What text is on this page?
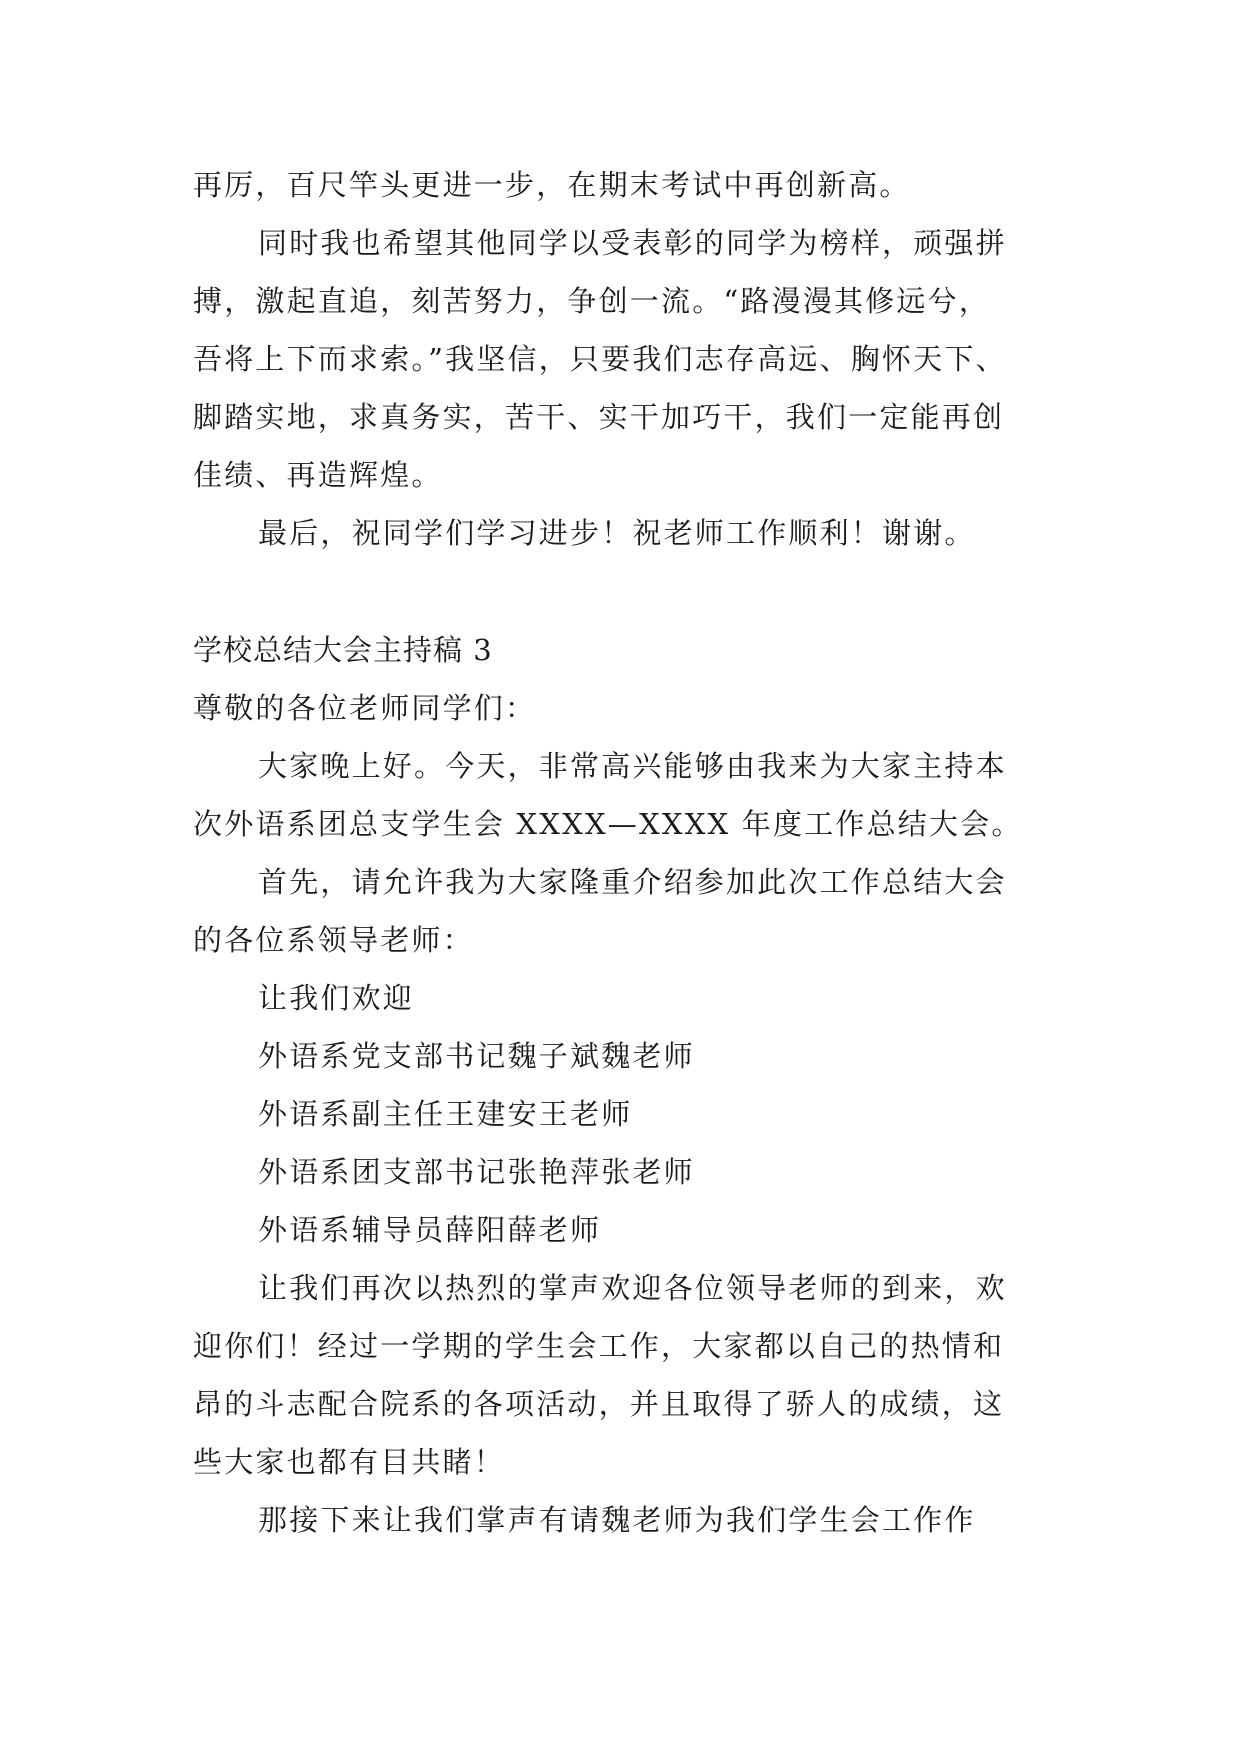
再厉，百尺竿头更进一步，在期末考试中再创新高。
同时我也希望其他同学以受表彰的同学为榜样，顽强拼
搏，激起直追，刻苦努力，争创一流。“路漫漫其修远兮，
吾将上下而求索。”我坚信，只要我们志存高远、胸怀天下、
脚踏实地，求真务实，苦干、实干加巧干，我们一定能再创
佳绩、再造辉煌。
最后，祝同学们学习进步！祝老师工作顺利！谢谢。
学校总结大会主持稿 3
尊敬的各位老师同学们：
大家晚上好。今天，非常高兴能够由我来为大家主持本
次外语系团总支学生会 XXXX—XXXX 年度工作总结大会。
首先，请允许我为大家隆重介绍参加此次工作总结大会
的各位系领导老师：
让我们欢迎
外语系党支部书记魏子斌魏老师
外语系副主任王建安王老师
外语系团支部书记张艳萍张老师
外语系辅导员薛阳薛老师
让我们再次以热烈的掌声欢迎各位领导老师的到来，欢
迎你们！经过一学期的学生会工作，大家都以自己的热情和
昂的斗志配合院系的各项活动，并且取得了骄人的成绩，这
些大家也都有目共睹！
那接下来让我们掌声有请魏老师为我们学生会工作作
